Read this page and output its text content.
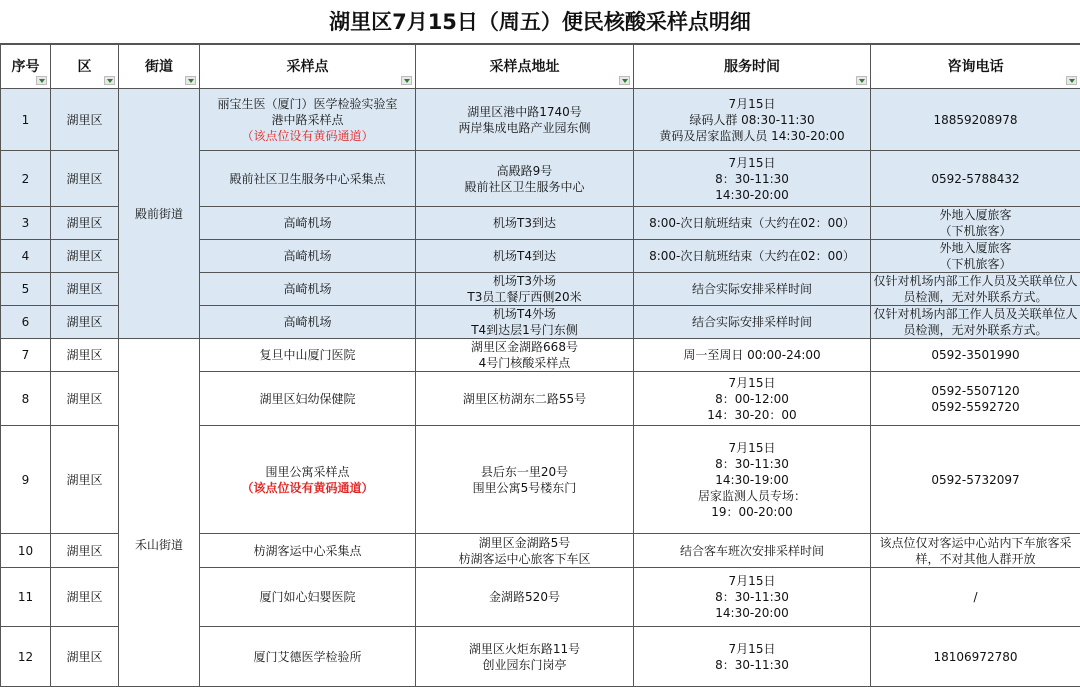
湖里区7月15日（周五）便民核酸采样点明细
序号	区	街道	采样点	采样点地址	服务时间	咨询电话

1	湖里区	殿前街道	丽宝生医（厦门）医学检验实验室
港中路采样点
（该点位设有黄码通道）	湖里区港中路1740号
两岸集成电路产业园东侧	7月15日
绿码人群 08:30-11:30
黄码及居家监测人员 14:30-20:00	18859208978

2	湖里区		殿前社区卫生服务中心采集点	高殿路9号
殿前社区卫生服务中心	7月15日
8：30-11:30
14:30-20:00	0592-5788432

3	湖里区		高崎机场	机场T3到达	8:00-次日航班结束（大约在02：00）	外地入厦旅客
（下机旅客）

4	湖里区		高崎机场	机场T4到达	8:00-次日航班结束（大约在02：00）	外地入厦旅客
（下机旅客）

5	湖里区		高崎机场	机场T3外场
T3员工餐厅西侧20米	结合实际安排采样时间	仅针对机场内部工作人员及关联单位人员检测，无对外联系方式。

6	湖里区		高崎机场	机场T4外场
T4到达层1号门东侧	结合实际安排采样时间	仅针对机场内部工作人员及关联单位人员检测，无对外联系方式。

7	湖里区	禾山街道	复旦中山厦门医院	湖里区金湖路668号
4号门核酸采样点	周一至周日 00:00-24:00	0592-3501990

8	湖里区		湖里区妇幼保健院	湖里区枋湖东二路55号	7月15日
8：00-12:00
14：30-20：00	0592-5507120
0592-5592720

9	湖里区		围里公寓采样点
（该点位设有黄码通道）	县后东一里20号
围里公寓5号楼东门	7月15日
8：30-11:30
14:30-19:00
居家监测人员专场：
19：00-20:00	0592-5732097

10	湖里区		枋湖客运中心采集点	湖里区金湖路5号
枋湖客运中心旅客下车区	结合客车班次安排采样时间	该点位仅对客运中心站内下车旅客采样，不对其他人群开放

11	湖里区		厦门如心妇婴医院	金湖路520号	7月15日
8：30-11:30
14:30-20:00	/

12	湖里区		厦门艾德医学检验所	湖里区火炬东路11号
创业园东门岗亭	7月15日
8：30-11:30	18106972780
